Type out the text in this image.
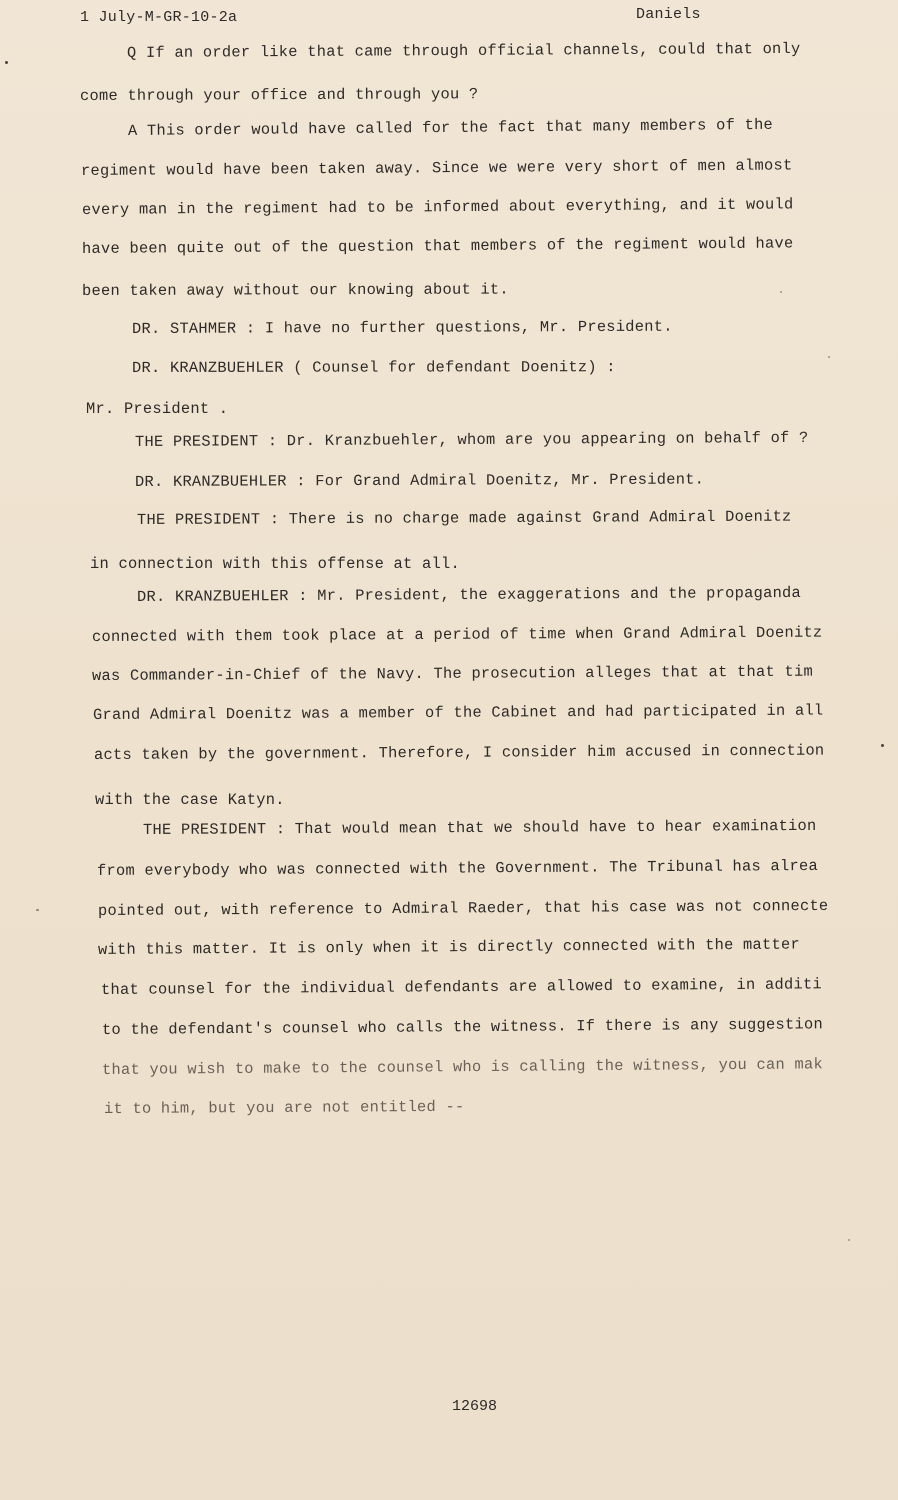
1 July-M-GR-10-2a	Daniels
Q If an order like that came through official channels, could that only
come through your office and through you ?
A This order would have called for the fact that many members of the
regiment would have been taken away. Since we were very short of men almost
every man in the regiment had to be informed about everything, and it would
have been quite out of the question that members of the regiment would have
been taken away without our knowing about it.
DR. STAHMER : I have no further questions, Mr. President.
DR. KRANZBUEHLER ( Counsel for defendant Doenitz) :
Mr. President .
THE PRESIDENT : Dr. Kranzbuehler, whom are you appearing on behalf of ?
DR. KRANZBUEHLER : For Grand Admiral Doenitz, Mr. President.
THE PRESIDENT : There is no charge made against Grand Admiral Doenitz
in connection with this offense at all.
DR. KRANZBUEHLER : Mr. President, the exaggerations and the propaganda
connected with them took place at a period of time when Grand Admiral Doenitz
was Commander-in-Chief of the Navy. The prosecution alleges that at that tim
Grand Admiral Doenitz was a member of the Cabinet and had participated in all
acts taken by the government. Therefore, I consider him accused in connection
with the case Katyn.
THE PRESIDENT : That would mean that we should have to hear examination
from everybody who was connected with the Government. The Tribunal has alrea
pointed out, with reference to Admiral Raeder, that his case was not connecte
with this matter. It is only when it is directly connected with the matter
that counsel for the individual defendants are allowed to examine, in additi
to the defendant's counsel who calls the witness. If there is any suggestion
that you wish to make to the counsel who is calling the witness, you can mak
it to him, but you are not entitled --
12698
